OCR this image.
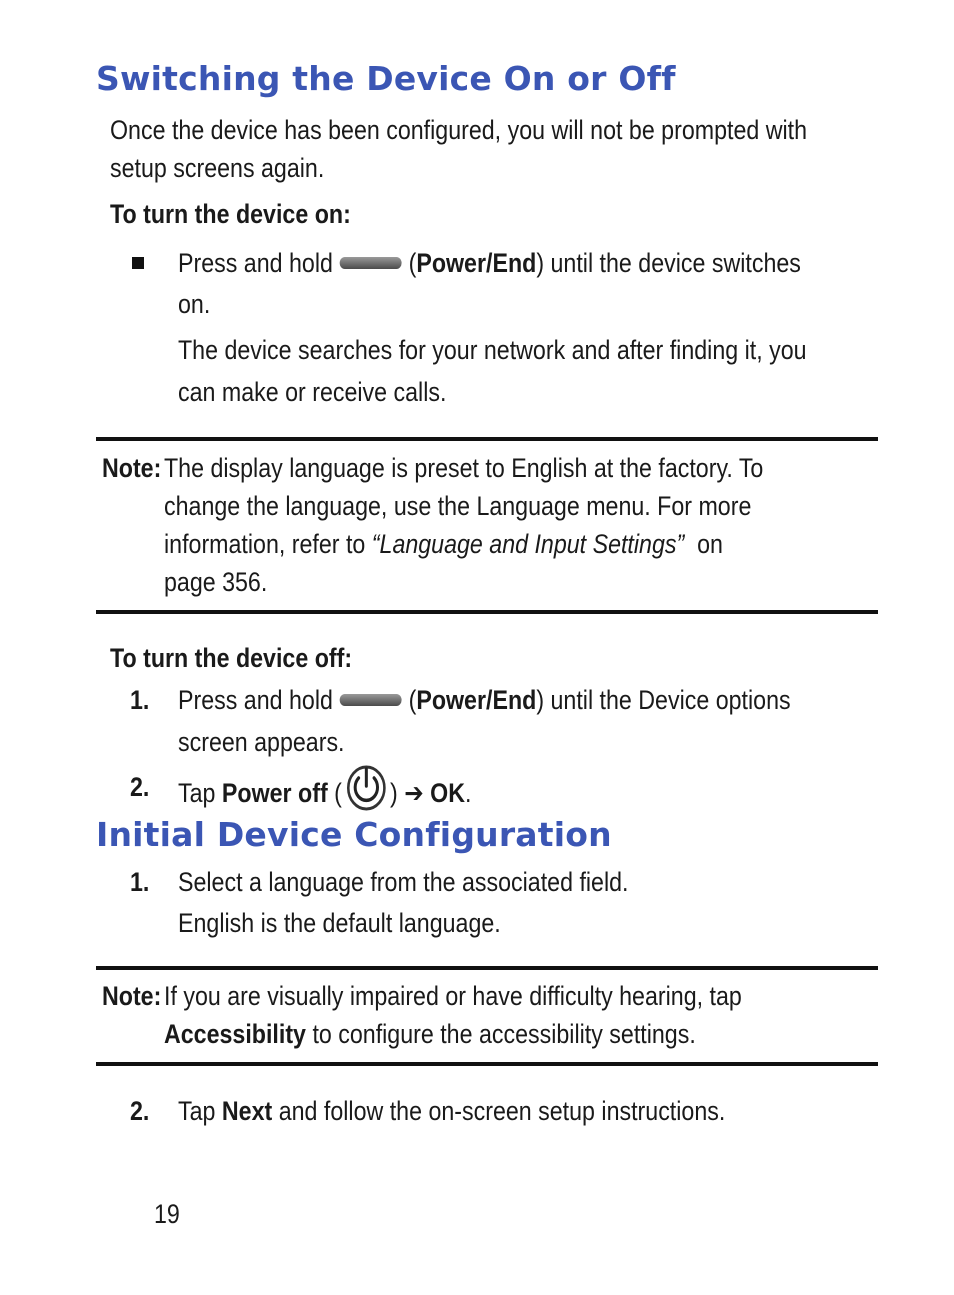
Switching the Device On or Off

Once the device has been configured, you will not be prompted with

setup screens again.

To turn the device on:

Press and hold	(Power/End) until the device switches

on.

The device searches for your network and after finding it, you

can make or receive calls.

Note: The display language is preset to English at the factory. To

change the language, use the Language menu. For more

information, refer to “Language and Input Settings” on

page 356.

To turn the device off:

1. Press and hold	(Power/End) until the Device options

screen appears.

2. Tap Power off ( ) ➔ OK.

Initial Device Configuration

1. Select a language from the associated field.

English is the default language.

Note: If you are visually impaired or have difficulty hearing, tap

Accessibility to configure the accessibility settings.

2. Tap Next and follow the on-screen setup instructions.

19
